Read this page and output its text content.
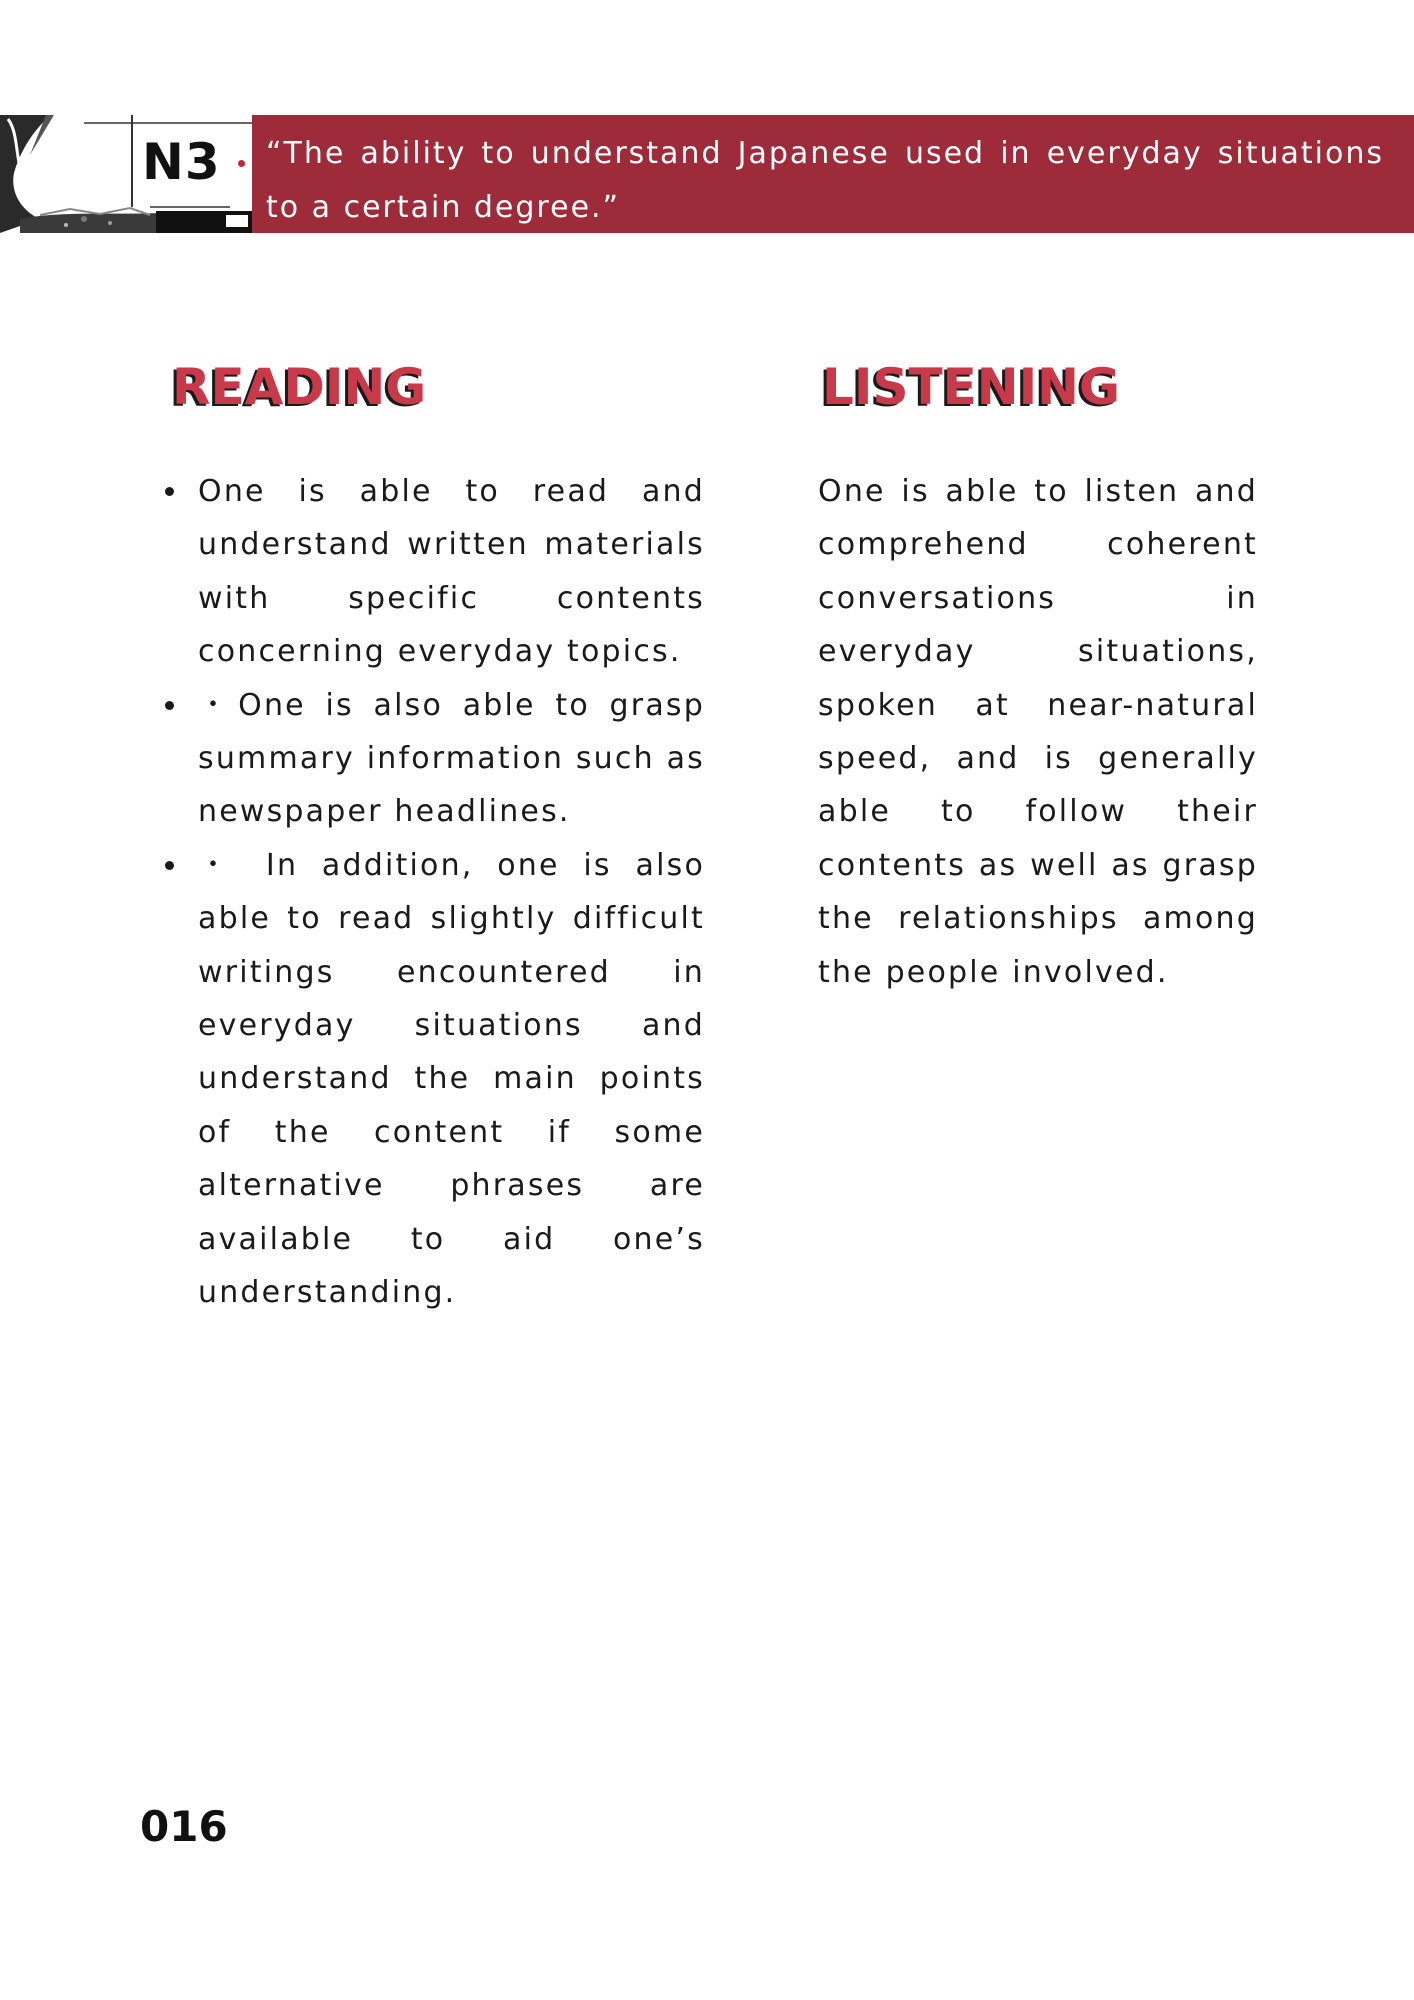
N3 “The ability to understand Japanese used in everyday situations to a certain degree.”

READING
One is able to read and understand written materials with specific contents concerning everyday topics.
・One is also able to grasp summary information such as newspaper headlines.
・ In addition, one is also able to read slightly difficult writings encountered in everyday situations and understand the main points of the content if some alternative phrases are available to aid one’s understanding.
LISTENING

One is able to listen and comprehend coherent conversations in everyday situations, spoken at near-natural speed, and is generally able to follow their contents as well as grasp the relationships among the people involved.

016
